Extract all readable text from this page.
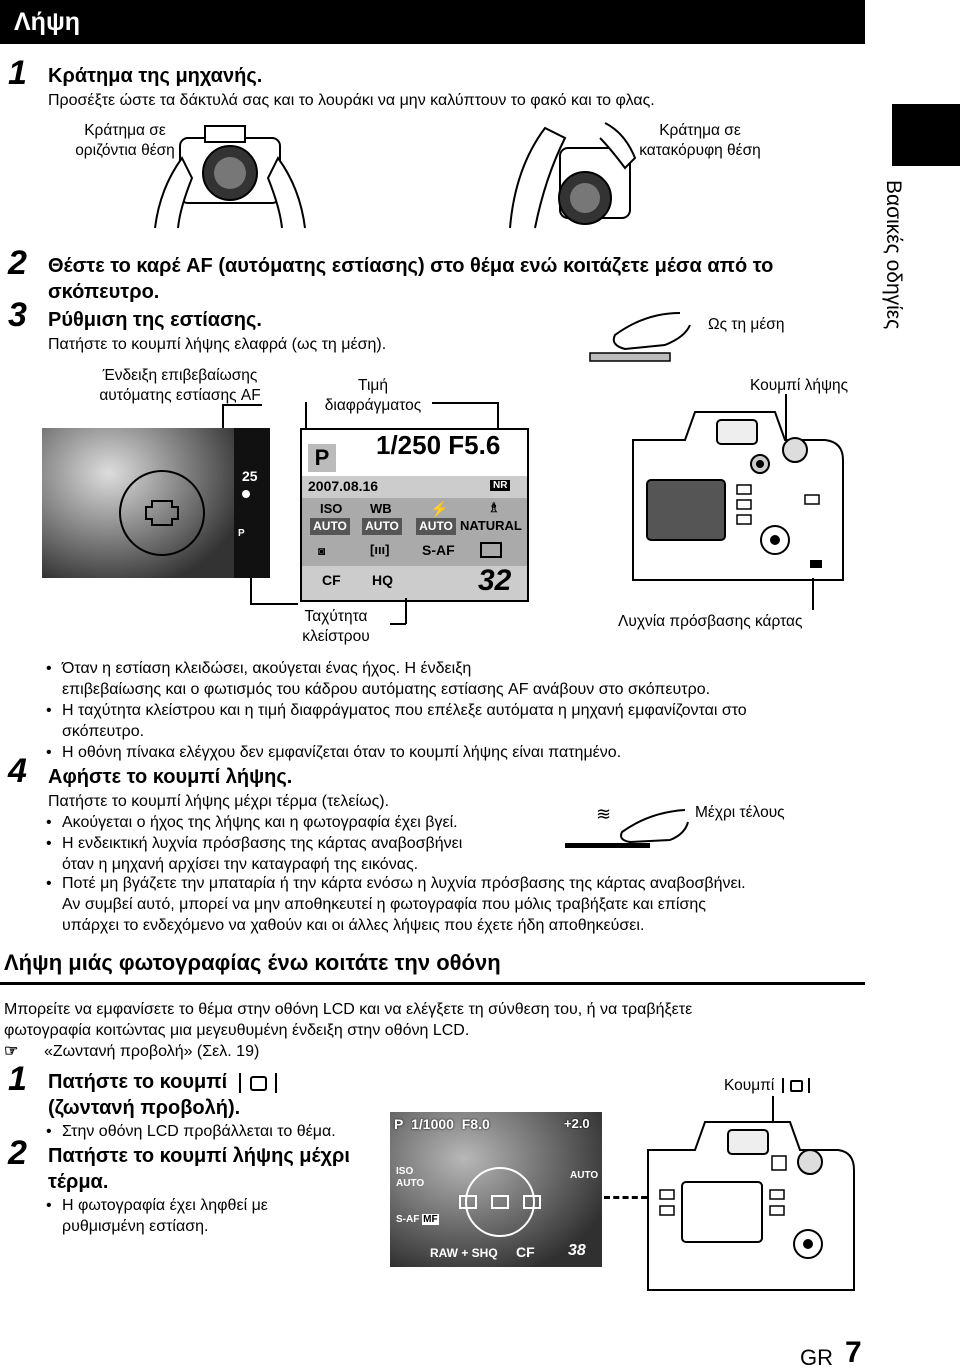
Λήψη
Βασικές οδηγίες
1 Κράτημα της μηχανής.
Προσέξτε ώστε τα δάκτυλά σας και το λουράκι να μην καλύπτουν το φακό και το φλας.
Κράτημα σε
οριζόντια θέση
Κράτημα σε
κατακόρυφη θέση
2 Θέστε το καρέ AF (αυτόματης εστίασης) στο θέμα ενώ κοιτάζετε μέσα από το
σκόπευτρο.
3 Ρύθμιση της εστίασης.
Πατήστε το κουμπί λήψης ελαφρά (ως τη μέση).
Ως τη μέση
Ένδειξη επιβεβαίωσης
αυτόματης εστίασης AF
Τιμή
διαφράγματος
Κουμπί λήψης
25
P
P 1/250 F5.6
2007.08.16	NR
ISO WB	⚡	♗
AUTO AUTO AUTO NATURAL
◙	[ııı] S-AF
CF HQ	32
Ταχύτητα
κλείστρου
Λυχνία πρόσβασης κάρτας
• Όταν η εστίαση κλειδώσει, ακούγεται ένας ήχος. Η ένδειξη
επιβεβαίωσης και ο φωτισμός του κάδρου αυτόματης εστίασης AF ανάβουν στο σκόπευτρο.
• Η ταχύτητα κλείστρου και η τιμή διαφράγματος που επέλεξε αυτόματα η μηχανή εμφανίζονται στο
σκόπευτρο.
• Η οθόνη πίνακα ελέγχου δεν εμφανίζεται όταν το κουμπί λήψης είναι πατημένο.
4 Αφήστε το κουμπί λήψης.
Πατήστε το κουμπί λήψης μέχρι τέρμα (τελείως).
• Ακούγεται ο ήχος της λήψης και η φωτογραφία έχει βγεί.
• Η ενδεικτική λυχνία πρόσβασης της κάρτας αναβοσβήνει
όταν η μηχανή αρχίσει την καταγραφή της εικόνας.
≋	Μέχρι τέλους
• Ποτέ μη βγάζετε την μπαταρία ή την κάρτα ενόσω η λυχνία πρόσβασης της κάρτας αναβοσβήνει.
Αν συμβεί αυτό, μπορεί να μην αποθηκευτεί η φωτογραφία που μόλις τραβήξατε και επίσης
υπάρχει το ενδεχόμενο να χαθούν και οι άλλες λήψεις που έχετε ήδη αποθηκεύσει.
Λήψη μιάς φωτογραφίας ένω κοιτάτε την οθόνη
Μπορείτε να εμφανίσετε το θέμα στην οθόνη LCD και να ελέγξετε τη σύνθεση του, ή να τραβήξετε
φωτογραφία κοιτώντας μια μεγευθυμένη ένδειξη στην οθόνη LCD.
☞ «Ζωντανή προβολή» (Σελ. 19)
1 Πατήστε το κουμπί
(ζωντανή προβολή).
• Στην οθόνη LCD προβάλλεται το θέμα.
2 Πατήστε το κουμπί λήψης μέχρι
τέρμα.
• Η φωτογραφία έχει ληφθεί με
ρυθμισμένη εστίαση.
P 1/1000 F8.0	+2.0
ISO
AUTO
AUTO
S-AF MF
RAW + SHQ CF 38
Κουμπί
GR 7
